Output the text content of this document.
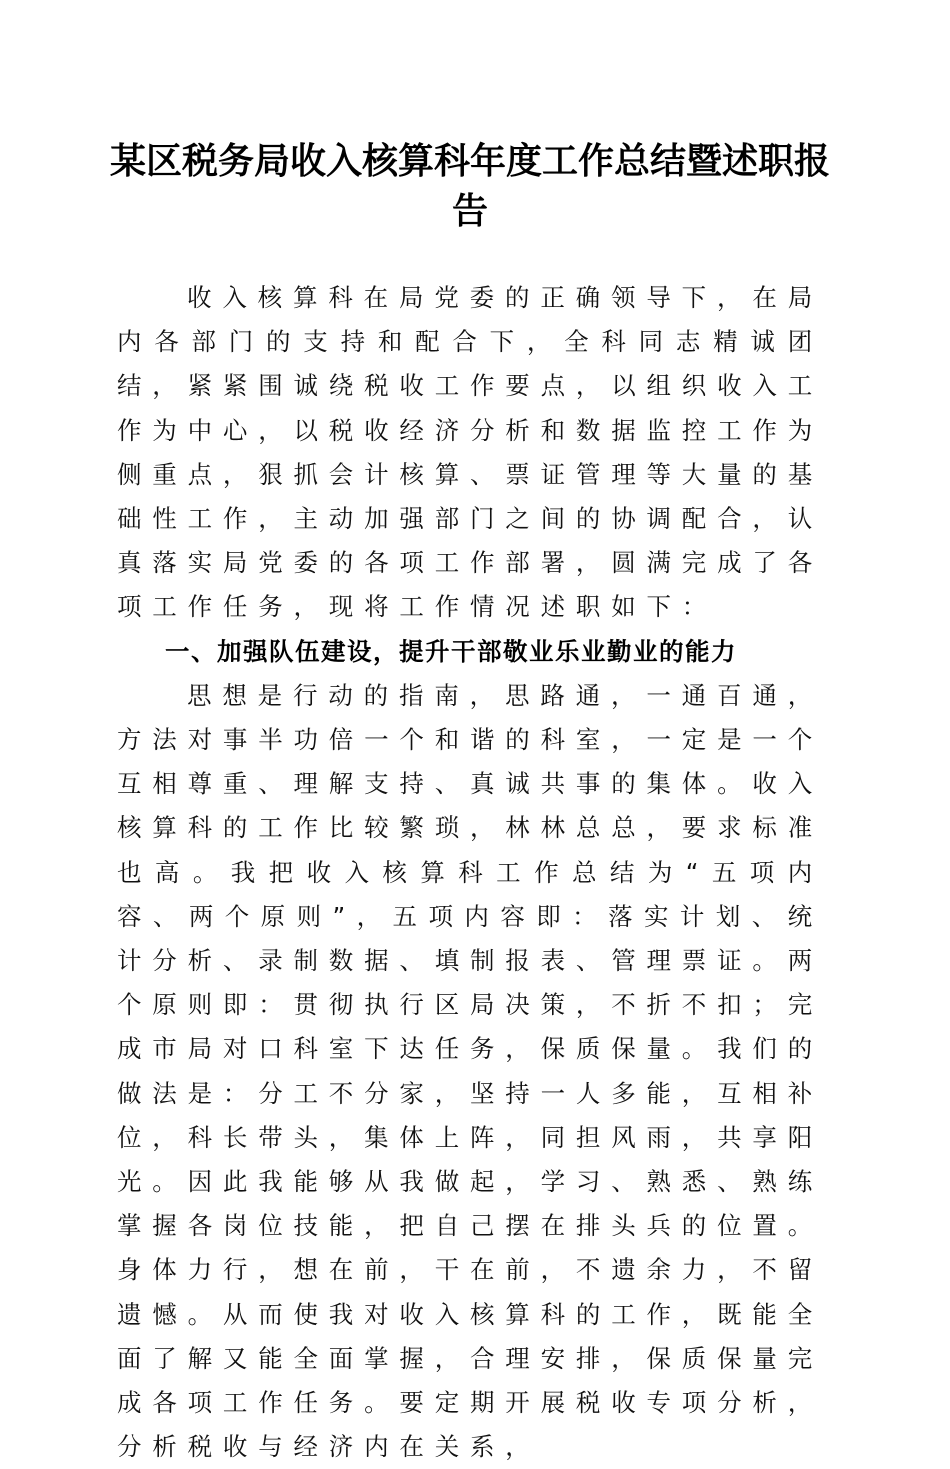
某区税务局收入核算科年度工作总结暨述职报告

收入核算科在局党委的正确领导下，在局内各部门的支持和配合下，全科同志精诚团结，紧紧围诚绕税收工作要点，以组织收入工作为中心，以税收经济分析和数据监控工作为侧重点，狠抓会计核算、票证管理等大量的基础性工作，主动加强部门之间的协调配合，认真落实局党委的各项工作部署，圆满完成了各项工作任务，现将工作情况述职如下：

一、加强队伍建设，提升干部敬业乐业勤业的能力

思想是行动的指南，思路通，一通百通，方法对事半功倍一个和谐的科室，一定是一个互相尊重、理解支持、真诚共事的集体。收入核算科的工作比较繁琐，林林总总，要求标准也高。我把收入核算科工作总结为“五项内容、两个原则”，五项内容即：落实计划、统计分析、录制数据、填制报表、管理票证。两个原则即：贯彻执行区局决策，不折不扣；完成市局对口科室下达任务，保质保量。我们的做法是：分工不分家，坚持一人多能，互相补位，科长带头，集体上阵，同担风雨，共享阳光。因此我能够从我做起，学习、熟悉、熟练掌握各岗位技能，把自己摆在排头兵的位置。身体力行，想在前，干在前，不遗余力，不留遗憾。从而使我对收入核算科的工作，既能全面了解又能全面掌握，合理安排，保质保量完成各项工作任务。要定期开展税收专项分析，分析税收与经济内在关系，
